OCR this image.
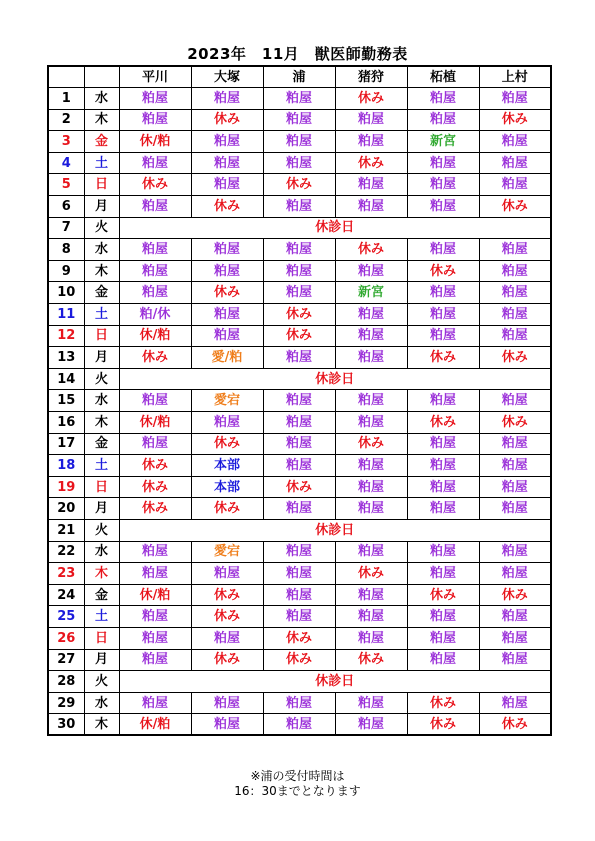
2023年　11月　獣医師勤務表
		平川	大塚	浦	猪狩	柘植	上村
1	水	粕屋	粕屋	粕屋	休み	粕屋	粕屋
2	木	粕屋	休み	粕屋	粕屋	粕屋	休み
3	金	休/粕	粕屋	粕屋	粕屋	新宮	粕屋
4	土	粕屋	粕屋	粕屋	休み	粕屋	粕屋
5	日	休み	粕屋	休み	粕屋	粕屋	粕屋
6	月	粕屋	休み	粕屋	粕屋	粕屋	休み
7	火	休診日					
8	水	粕屋	粕屋	粕屋	休み	粕屋	粕屋
9	木	粕屋	粕屋	粕屋	粕屋	休み	粕屋
10	金	粕屋	休み	粕屋	新宮	粕屋	粕屋
11	土	粕/休	粕屋	休み	粕屋	粕屋	粕屋
12	日	休/粕	粕屋	休み	粕屋	粕屋	粕屋
13	月	休み	愛/粕	粕屋	粕屋	休み	休み
14	火	休診日					
15	水	粕屋	愛宕	粕屋	粕屋	粕屋	粕屋
16	木	休/粕	粕屋	粕屋	粕屋	休み	休み
17	金	粕屋	休み	粕屋	休み	粕屋	粕屋
18	土	休み	本部	粕屋	粕屋	粕屋	粕屋
19	日	休み	本部	休み	粕屋	粕屋	粕屋
20	月	休み	休み	粕屋	粕屋	粕屋	粕屋
21	火	休診日					
22	水	粕屋	愛宕	粕屋	粕屋	粕屋	粕屋
23	木	粕屋	粕屋	粕屋	休み	粕屋	粕屋
24	金	休/粕	休み	粕屋	粕屋	休み	休み
25	土	粕屋	休み	粕屋	粕屋	粕屋	粕屋
26	日	粕屋	粕屋	休み	粕屋	粕屋	粕屋
27	月	粕屋	休み	休み	休み	粕屋	粕屋
28	火	休診日					
29	水	粕屋	粕屋	粕屋	粕屋	休み	粕屋
30	木	休/粕	粕屋	粕屋	粕屋	休み	休み
※浦の受付時間は
16：30までとなります
